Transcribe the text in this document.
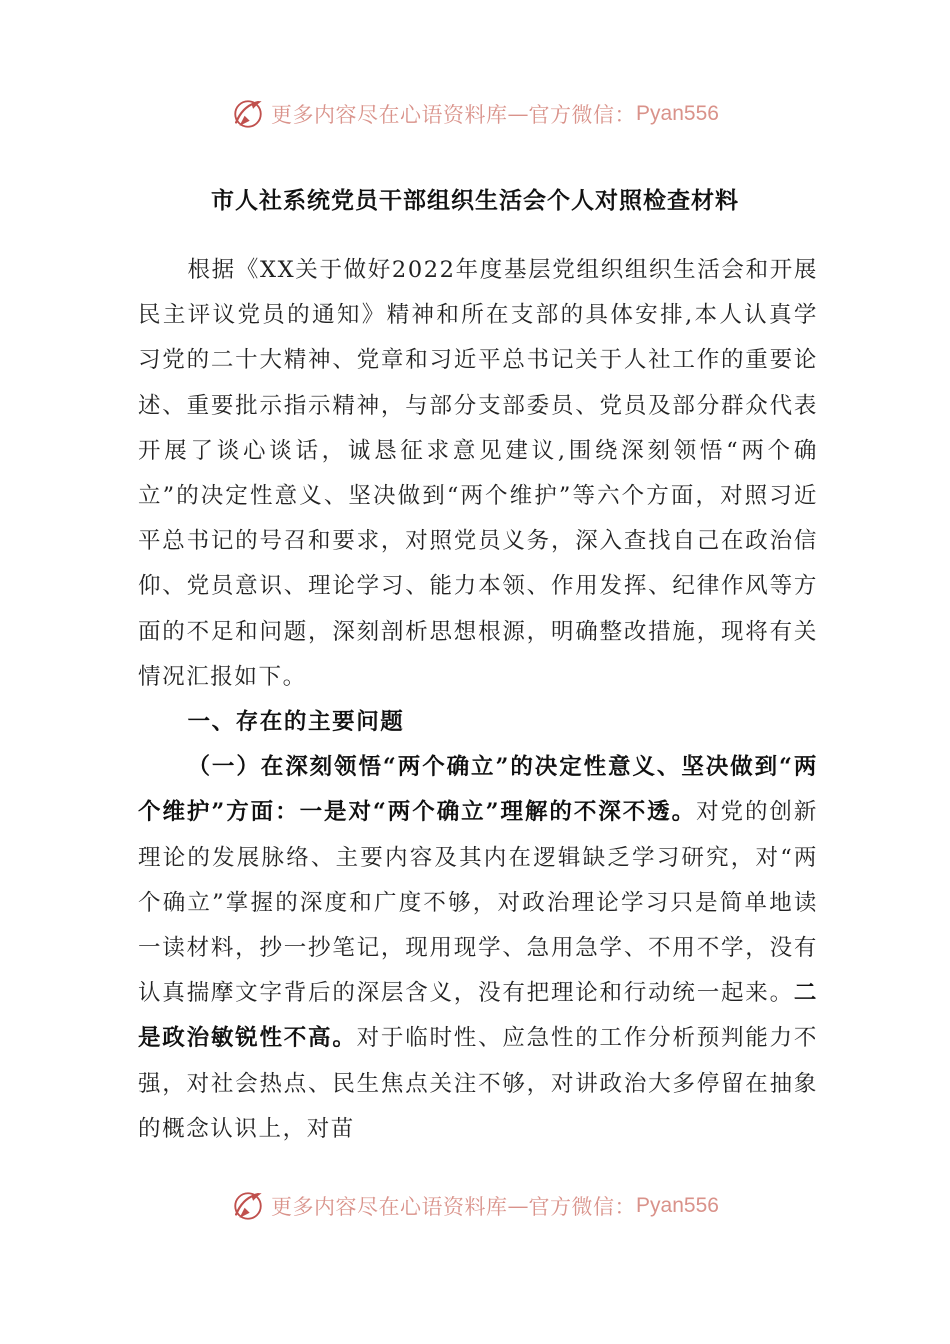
更多内容尽在心语资料库 — 官方微信： Pyan556
市人社系统党员干部组织生活会个人对照检查材料

根据《XX关于做好2022年度基层党组织组织生活会和开展民主评议党员的通知》精神和所在支部的具体安排,本人认真学习党的二十大精神、党章和习近平总书记关于人社工作的重要论述、重要批示指示精神，与部分支部委员、党员及部分群众代表开展了谈心谈话，诚恳征求意见建议,围绕深刻领悟“两个确立”的决定性意义、坚决做到“两个维护”等六个方面，对照习近平总书记的号召和要求，对照党员义务，深入查找自己在政治信仰、党员意识、理论学习、能力本领、作用发挥、纪律作风等方面的不足和问题，深刻剖析思想根源，明确整改措施，现将有关情况汇报如下。

一、存在的主要问题

（一）在深刻领悟“两个确立”的决定性意义、坚决做到“两个维护”方面：一是对“两个确立”理解的不深不透。对党的创新理论的发展脉络、主要内容及其内在逻辑缺乏学习研究，对“两个确立”掌握的深度和广度不够，对政治理论学习只是简单地读一读材料，抄一抄笔记，现用现学、急用急学、不用不学，没有认真揣摩文字背后的深层含义，没有把理论和行动统一起来。二是政治敏锐性不高。对于临时性、应急性的工作分析预判能力不强，对社会热点、民生焦点关注不够，对讲政治大多停留在抽象的概念认识上，对苗

更多内容尽在心语资料库 — 官方微信： Pyan556
